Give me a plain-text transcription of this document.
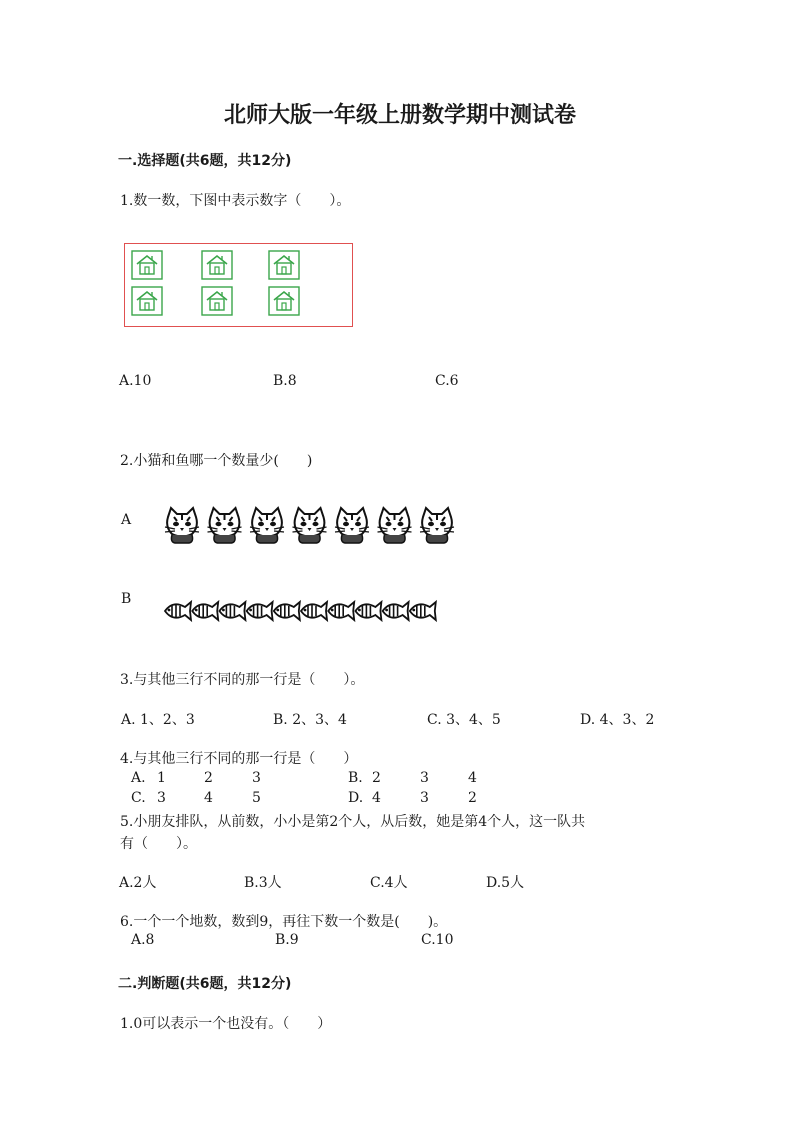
北师大版一年级上册数学期中测试卷
一.选择题(共6题，共12分)
1.数一数，下图中表示数字（　　）。
A.10	B.8	C.6
2.小猫和鱼哪一个数量少(　　)
A
B
3.与其他三行不同的那一行是（　　）。
A. 1、2、3	B. 2、3、4	C. 3、4、5	D. 4、3、2
4.与其他三行不同的那一行是（　　）
A. 1	2	3	B. 2	3	4
C. 3	4	5	D. 4	3	2
5.小朋友排队，从前数，小小是第2个人，从后数，她是第4个人，这一队共
有（　　）。
A.2人	B.3人	C.4人	D.5人
6.一个一个地数，数到9，再往下数一个数是(　　)。
A.8	B.9	C.10
二.判断题(共6题，共12分)
1.0可以表示一个也没有。（　　）
